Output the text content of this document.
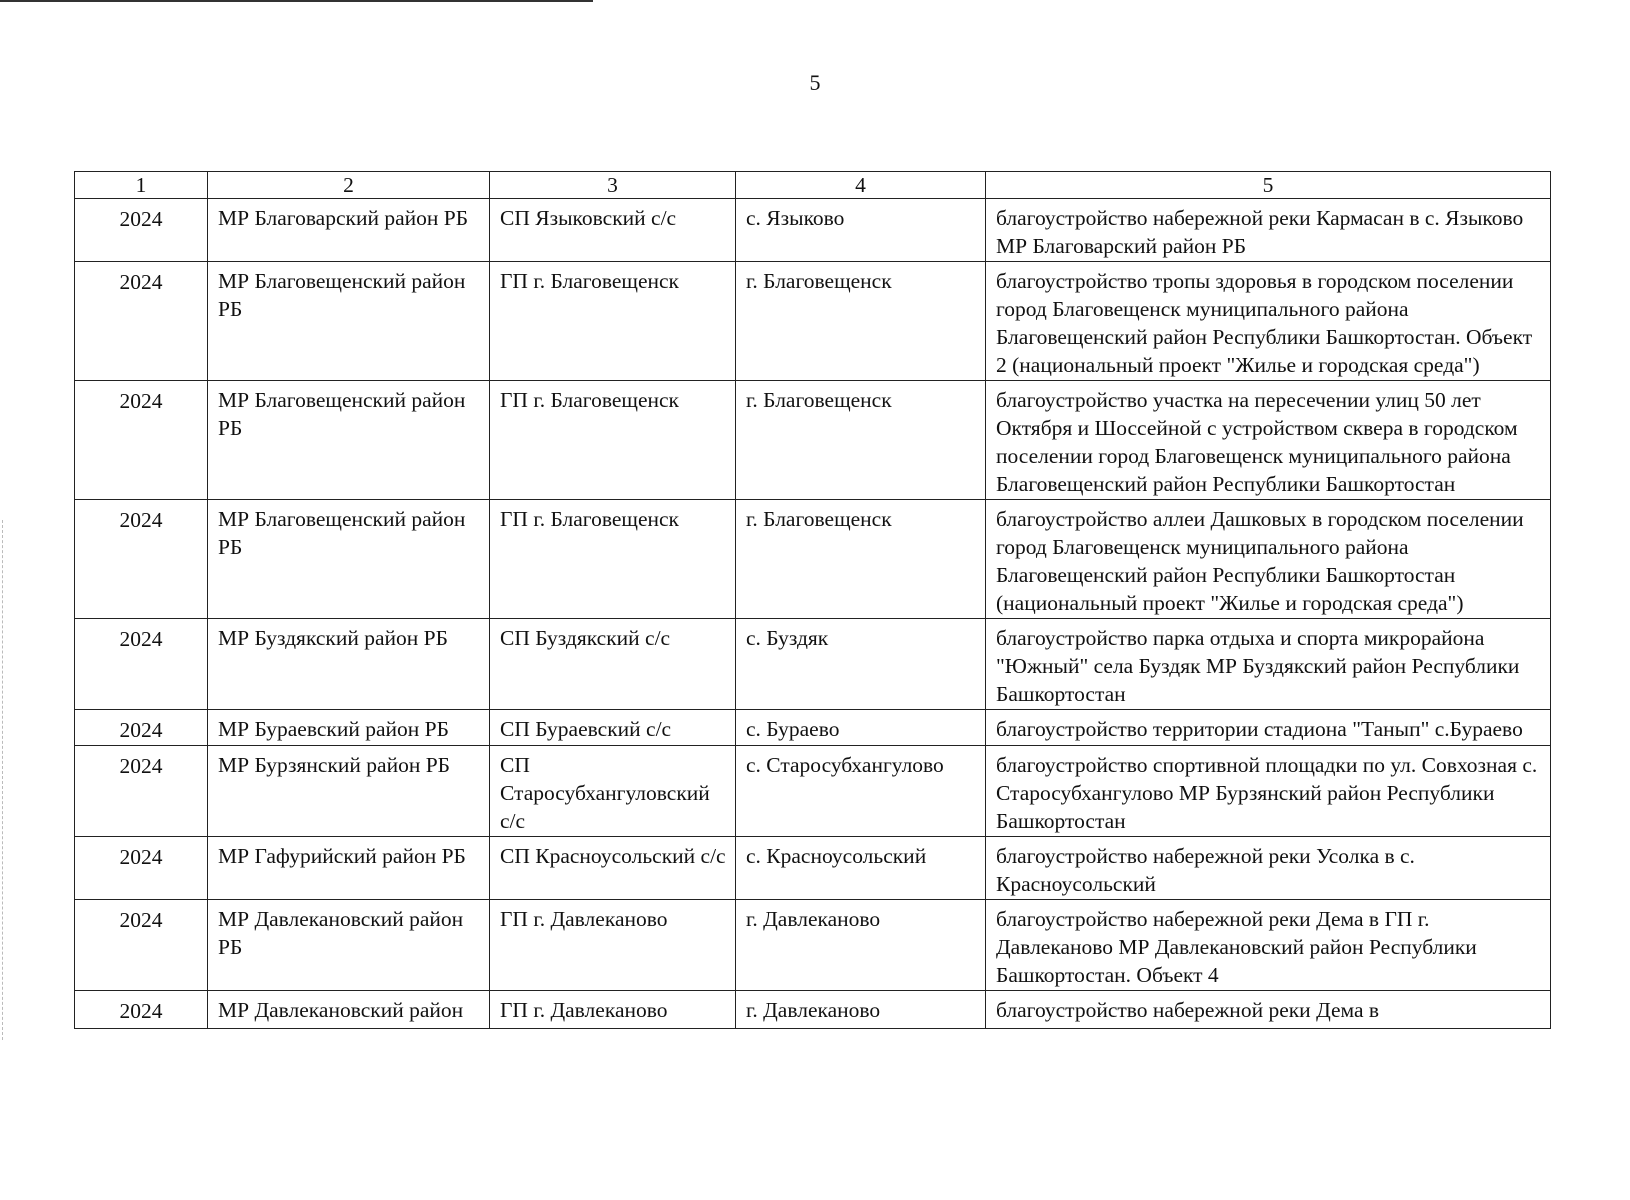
5
1	2	3	4	5
2024	МР Благоварский район РБ	СП Языковский с/с	с. Языково	благоустройство набережной реки Кармасан в с. Языково МР Благоварский район РБ
2024	МР Благовещенский район РБ	ГП г. Благовещенск	г. Благовещенск	благоустройство тропы здоровья в городском поселении город Благовещенск муниципального района Благовещенский район Республики Башкортостан. Объект 2 (национальный проект "Жилье и городская среда")
2024	МР Благовещенский район РБ	ГП г. Благовещенск	г. Благовещенск	благоустройство участка на пересечении улиц 50 лет Октября и Шоссейной с устройством сквера в городском поселении город Благовещенск муниципального района Благовещенский район Республики Башкортостан
2024	МР Благовещенский район РБ	ГП г. Благовещенск	г. Благовещенск	благоустройство аллеи Дашковых в городском поселении город Благовещенск муниципального района Благовещенский район Республики Башкортостан (национальный проект "Жилье и городская среда")
2024	МР Буздякский район РБ	СП Буздякский с/с	с. Буздяк	благоустройство парка отдыха и спорта микрорайона "Южный" села Буздяк МР Буздякский район Республики Башкортостан
2024	МР Бураевский район РБ	СП Бураевский с/с	с. Бураево	благоустройство территории стадиона "Танып" с.Бураево
2024	МР Бурзянский район РБ	СП Старосубхангуловский с/с	с. Старосубхангулово	благоустройство спортивной площадки по ул. Совхозная с. Старосубхангулово МР Бурзянский район Республики Башкортостан
2024	МР Гафурийский район РБ	СП Красноусольский с/с	с. Красноусольский	благоустройство набережной реки Усолка в с. Красноусольский
2024	МР Давлекановский район РБ	ГП г. Давлеканово	г. Давлеканово	благоустройство набережной реки Дема в ГП г. Давлеканово МР Давлекановский район Республики Башкортостан. Объект 4
2024	МР Давлекановский район	ГП г. Давлеканово	г. Давлеканово	благоустройство набережной реки Дема в
